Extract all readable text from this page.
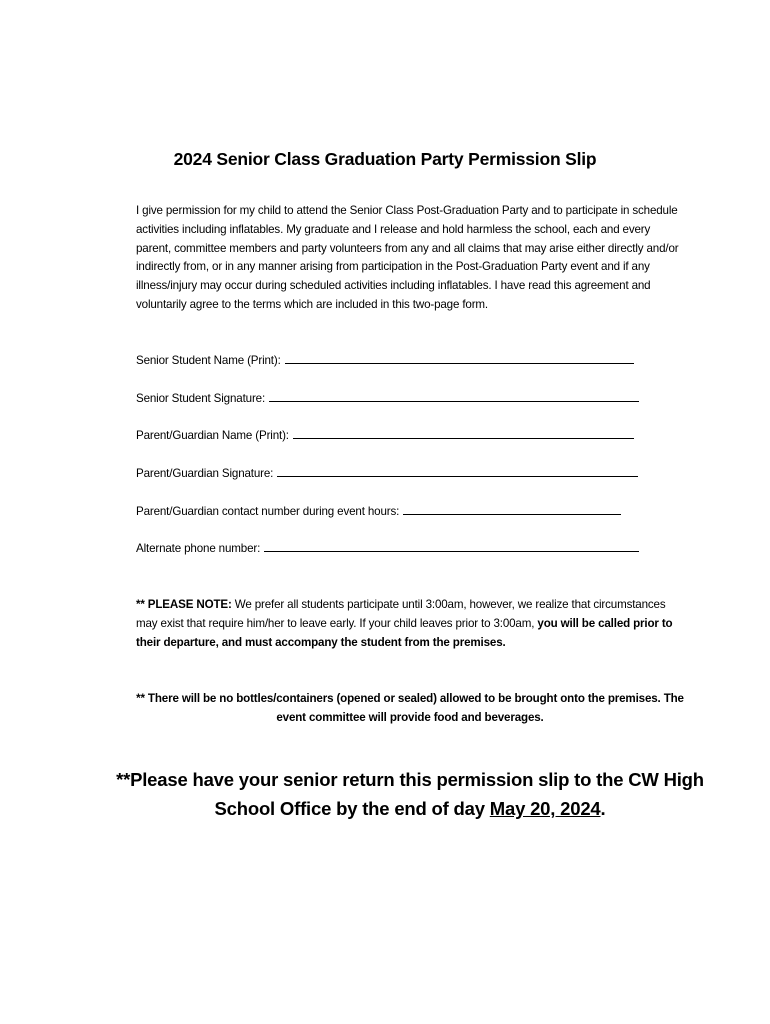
2024 Senior Class Graduation Party Permission Slip
I give permission for my child to attend the Senior Class Post-Graduation Party and to participate in schedule activities including inflatables. My graduate and I release and hold harmless the school, each and every parent, committee members and party volunteers from any and all claims that may arise either directly and/or indirectly from, or in any manner arising from participation in the Post-Graduation Party event and if any illness/injury may occur during scheduled activities including inflatables. I have read this agreement and voluntarily agree to the terms which are included in this two-page form.
Senior Student Name (Print):
Senior Student Signature:
Parent/Guardian Name (Print):
Parent/Guardian Signature:
Parent/Guardian contact number during event hours:
Alternate phone number:
** PLEASE NOTE: We prefer all students participate until 3:00am, however, we realize that circumstances may exist that require him/her to leave early. If your child leaves prior to 3:00am, you will be called prior to their departure, and must accompany the student from the premises.
** There will be no bottles/containers (opened or sealed) allowed to be brought onto the premises. The event committee will provide food and beverages.
**Please have your senior return this permission slip to the CW High School Office by the end of day May 20, 2024.
